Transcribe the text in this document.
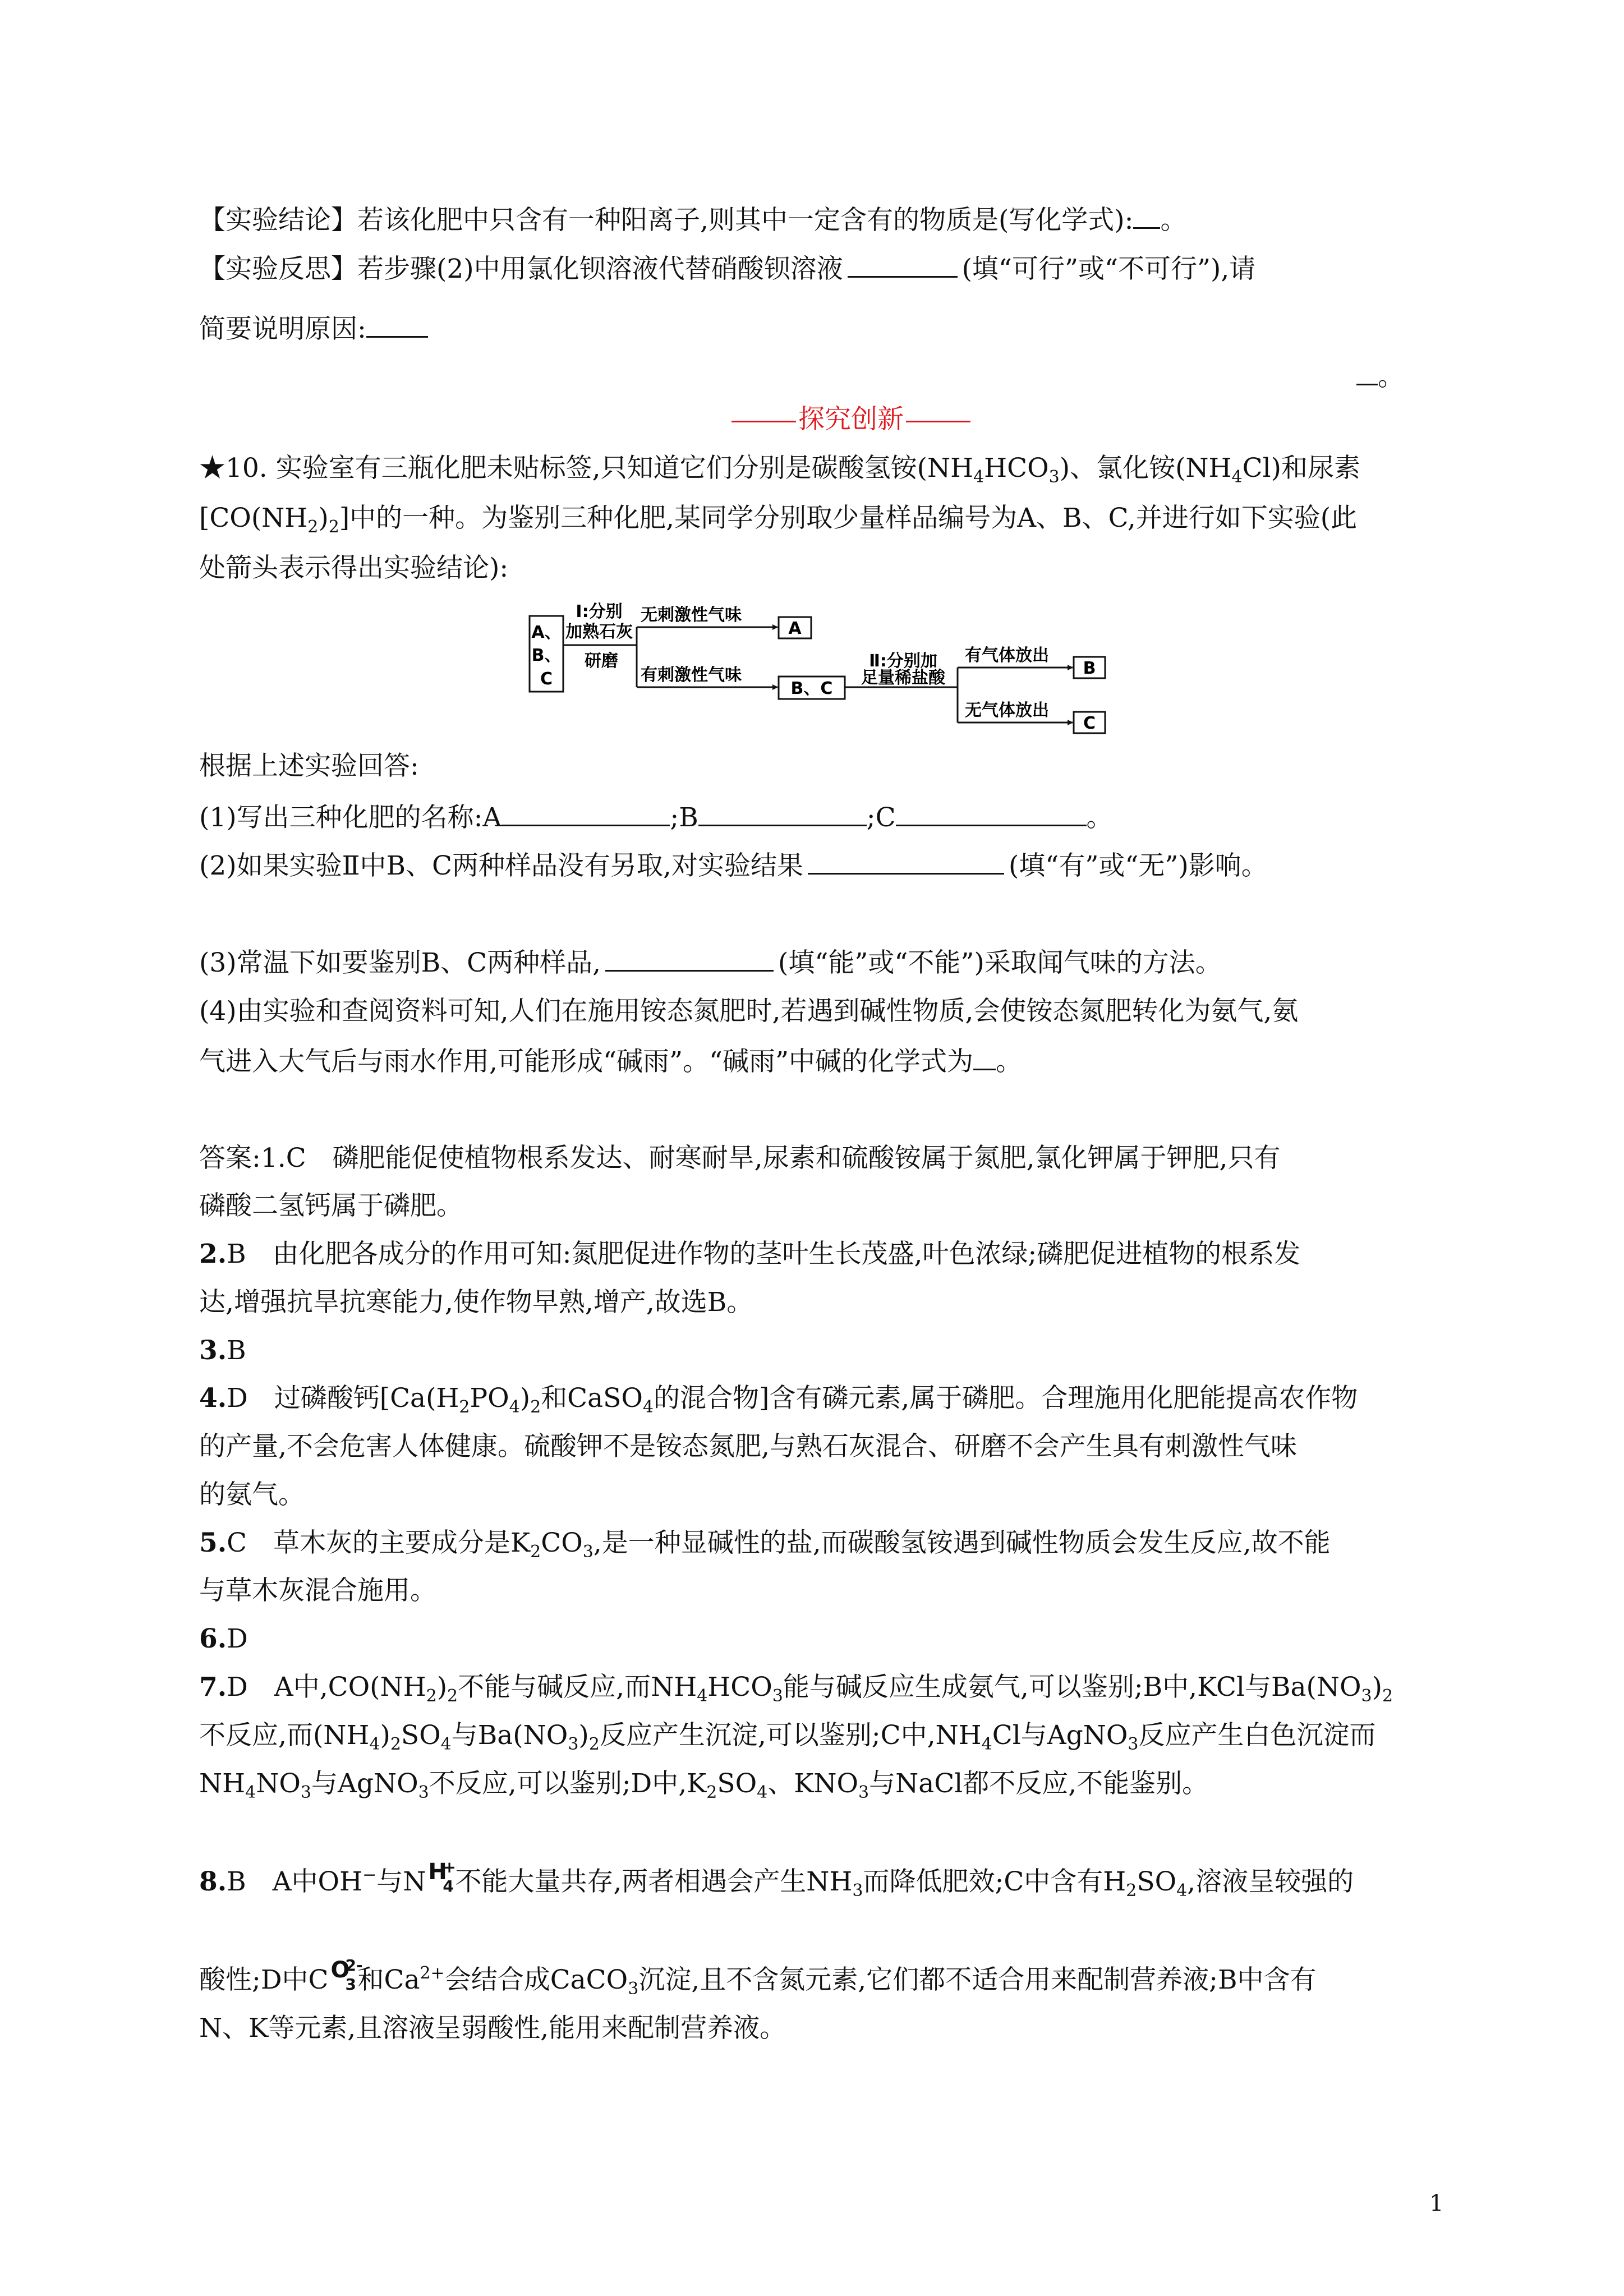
【实验结论】若该化肥中只含有一种阳离子,则其中一定含有的物质是(写化学式): 。
【实验反思】若步骤(2)中用氯化钡溶液代替硝酸钡溶液	(填“可行”或“不可行”),请
简要说明原因:
。
探究创新
★10. 实验室有三瓶化肥未贴标签,只知道它们分别是碳酸氢铵$(NH_4HCO_3)$、氯化铵$(NH_4Cl)$和尿素
$[CO(NH_2)_2]$中的一种。为鉴别三种化肥,某同学分别取少量样品编号为A、B、C,并进行如下实验(此
处箭头表示得出实验结论):
A、
B、
C
Ⅰ:分别
加熟石灰
研磨
无刺激性气味
有刺激性气味
A
B、C
Ⅱ:分别加
足量稀盐酸
有气体放出
无气体放出
B
C
根据上述实验回答:
(1)写出三种化肥的名称:A	;B	;C	。
(2)如果实验Ⅱ中B、C两种样品没有另取,对实验结果	(填“有”或“无”)影响。
(3)常温下如要鉴别B、C两种样品,	(填“能”或“不能”)采取闻气味的方法。
(4)由实验和查阅资料可知,人们在施用铵态氮肥时,若遇到碱性物质,会使铵态氮肥转化为氨气,氨
气进入大气后与雨水作用,可能形成“碱雨”。“碱雨”中碱的化学式为 。
答案:1.C　磷肥能促使植物根系发达、耐寒耐旱,尿素和硫酸铵属于氮肥,氯化钾属于钾肥,只有
磷酸二氢钙属于磷肥。
2.B　由化肥各成分的作用可知:氮肥促进作物的茎叶生长茂盛,叶色浓绿;磷肥促进植物的根系发
达,增强抗旱抗寒能力,使作物早熟,增产,故选B。
3.B
4.D　过磷酸钙[$Ca(H_2PO_4)_2$和CaSO$_4$的混合物]含有磷元素,属于磷肥。合理施用化肥能提高农作物
的产量,不会危害人体健康。硫酸钾不是铵态氮肥,与熟石灰混合、研磨不会产生具有刺激性气味
的氨气。
5.C　草木灰的主要成分是$K_2CO_3$,是一种显碱性的盐,而碳酸氢铵遇到碱性物质会发生反应,故不能
与草木灰混合施用。
6.D
7.D　A中$,CO(NH_2)_2$不能与碱反应,而$NH_4HCO_3$能与碱反应生成氨气,可以鉴别;B中,KCl与$Ba(NO_3)_2$
不反应,而$(NH_4)_2SO_4$与$Ba(NO_3)_2$反应产生沉淀,可以鉴别;C中$,NH_4Cl$与AgNO$_3$反应产生白色沉淀而
$NH_4NO_3$与AgNO$_3$不反应,可以鉴别;D中$,K_2SO_4$、$KNO_3$与NaCl都不反应,不能鉴别。
8.B　A中OH−与N H
+
4 不能大量共存,两者相遇会产生$NH_3$而降低肥效;C中含有$H_2SO_4$,溶液呈较强的
酸性;D中C O
2-
3 和$Ca^{2+}$会结合成CaCO$_3$沉淀,且不含氮元素,它们都不适合用来配制营养液;B中含有
N、K等元素,且溶液呈弱酸性,能用来配制营养液。
1
